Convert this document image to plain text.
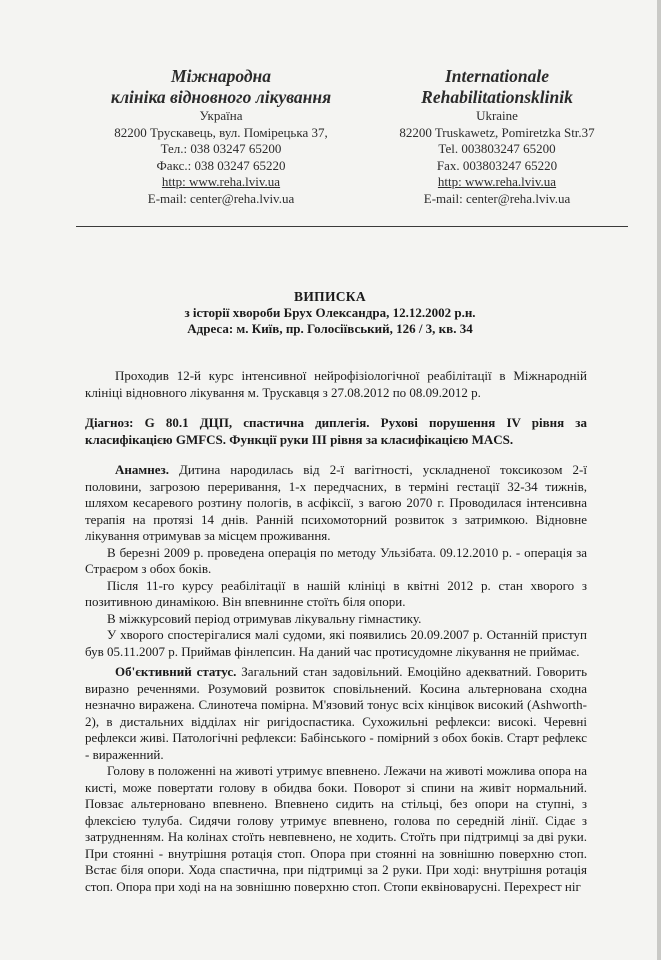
Міжнародна
клініка відновного лікування
Україна
82200 Трускавець, вул. Помірецька 37,
Тел.: 038 03247 65200
Факс.: 038 03247 65220
http: www.reha.lviv.ua
E-mail: center@reha.lviv.ua
Internationale
Rehabilitationsklinik
Ukraine
82200 Truskawetz, Pomiretzka Str.37
Tel. 003803247 65200
Fax. 003803247 65220
http: www.reha.lviv.ua
E-mail: center@reha.lviv.ua
ВИПИСКА
з історії хвороби Брух Олександра, 12.12.2002 р.н.
Адреса: м. Київ, пр. Голосіївський, 126 / 3, кв. 34

Проходив 12-й курс інтенсивної нейрофізіологічної реабілітації в Міжнародній клініці відновного лікування м. Трускавця з 27.08.2012 по 08.09.2012 р.

Діагноз: G 80.1 ДЦП, спастична диплегія. Рухові порушення IV рівня за класифікацією GMFCS. Функції руки III рівня за класифікацією MACS.

Анамнез. Дитина народилась від 2-ї вагітності, ускладненої токсикозом 2-ї половини, загрозою переривання, 1-х передчасних, в терміні гестації 32-34 тижнів, шляхом кесаревого розтину пологів, в асфіксії, з вагою 2070 г. Проводилася інтенсивна терапія на протязі 14 днів. Ранній психомоторний розвиток з затримкою. Відновне лікування отримував за місцем проживання.

В березні 2009 р. проведена операція по методу Ульзібата. 09.12.2010 р. - операція за Страєром з обох боків.

Після 11-го курсу реабілітації в нашій клініці в квітні 2012 р. стан хворого з позитивною динамікою. Він впевнинне стоїть біля опори.

В міжкурсовий період отримував лікувальну гімнастику.

У хворого спостерігалися малі судоми, які появились 20.09.2007 р. Останній приступ був 05.11.2007 р. Приймав фінлепсин. На даний час протисудомне лікування не приймає.

Об'єктивний статус. Загальний стан задовільний. Емоційно адекватний. Говорить виразно реченнями. Розумовий розвиток сповільнений. Косина альтернована сходна незначно виражена. Слинотеча помірна. М'язовий тонус всіх кінцівок високий (Ashworth-2), в дистальних відділах ніг ригідоспастика. Сухожильні рефлекси: високі. Черевні рефлекси живі. Патологічні рефлекси: Бабінського - помірний з обох боків. Старт рефлекс - вираженний.

Голову в положенні на животі утримує впевнено. Лежачи на животі можлива опора на кисті, може повертати голову в обидва боки. Поворот зі спини на живіт нормальний. Повзає альтерновано впевнено. Впевнено сидить на стільці, без опори на ступні, з флексією тулуба. Сидячи голову утримує впевнено, голова по середній лінії. Сідає з затрудненням. На колінах стоїть невпевнено, не ходить. Стоїть при підтримці за дві руки. При стоянні - внутрішня ротація стоп. Опора при стоянні на зовнішню поверхню стоп. Встає біля опори. Хода спастична, при підтримці за 2 руки. При ході: внутрішня ротація стоп. Опора при ході на на зовнішню поверхню стоп. Стопи еквіноварусні. Перехрест ніг
